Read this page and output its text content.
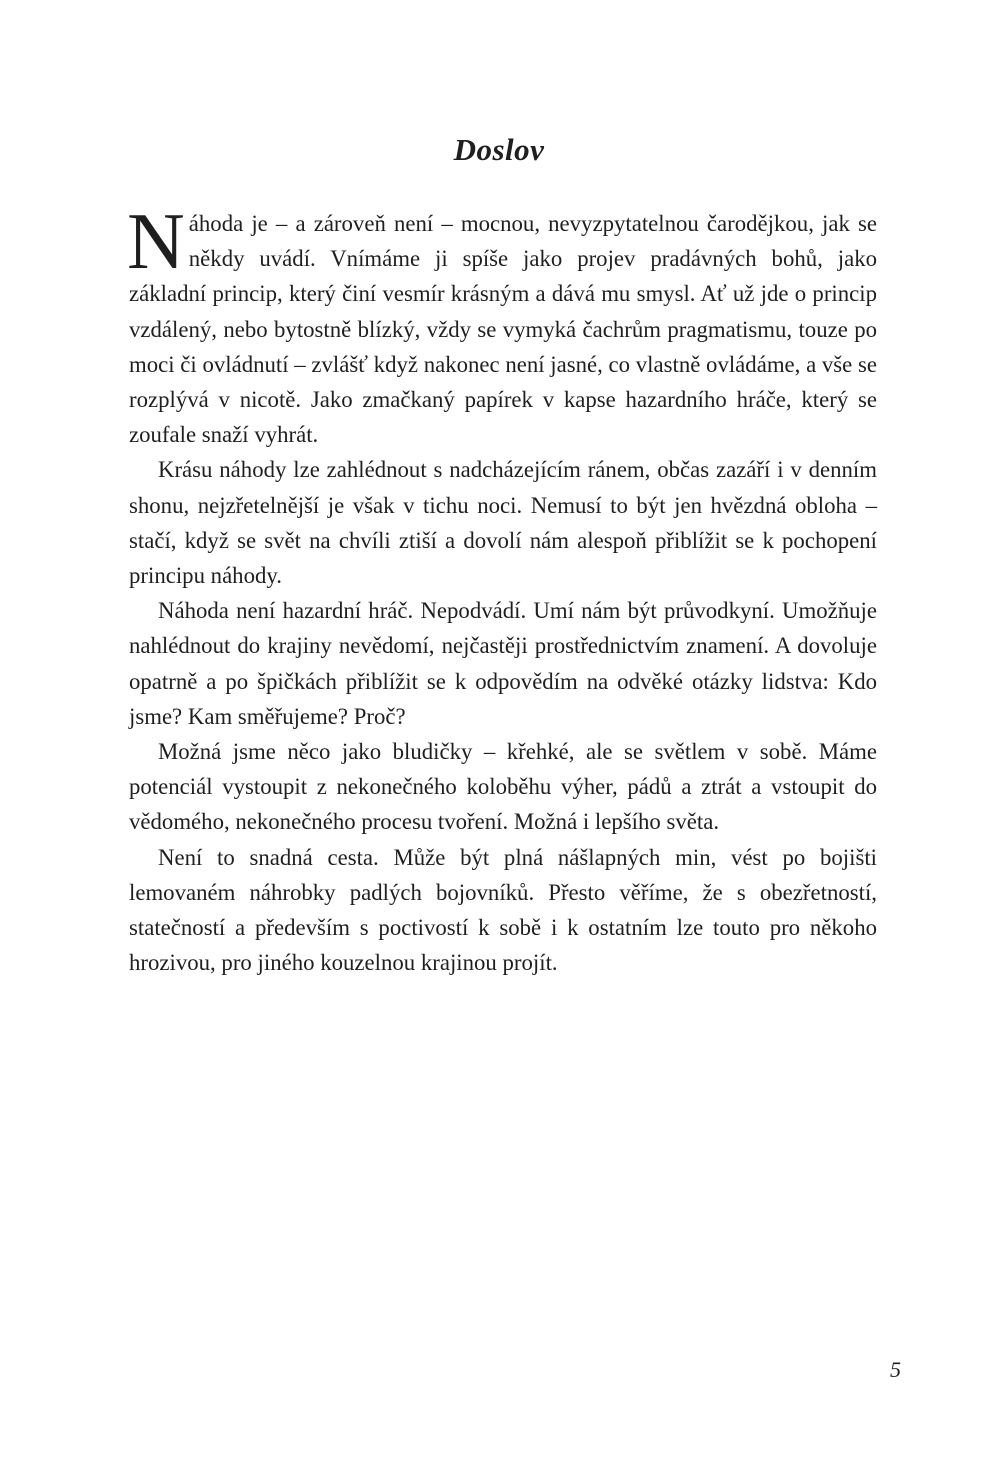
Doslov

Náhoda je – a zároveň není – mocnou, nevyzpytatelnou čarodějkou, jak se někdy uvádí. Vnímáme ji spíše jako projev pradávných bohů, jako základní princip, který činí vesmír krásným a dává mu smysl. Ať už jde o princip vzdálený, nebo bytostně blízký, vždy se vymyká čachrům pragmatismu, touze po moci či ovládnutí – zvlášť když nakonec není jasné, co vlastně ovládáme, a vše se rozplývá v nicotě. Jako zmačkaný papírek v kapse hazardního hráče, který se zoufale snaží vyhrát.

Krásu náhody lze zahlédnout s nadcházejícím ránem, občas zazáří i v denním shonu, nejzřetelnější je však v tichu noci. Nemusí to být jen hvězdná obloha – stačí, když se svět na chvíli ztiší a dovolí nám alespoň přiblížit se k pochopení principu náhody.

Náhoda není hazardní hráč. Nepodvádí. Umí nám být průvodkyní. Umožňuje nahlédnout do krajiny nevědomí, nejčastěji prostřednictvím znamení. A dovoluje opatrně a po špičkách přiblížit se k odpovědím na odvěké otázky lidstva: Kdo jsme? Kam směřujeme? Proč?

Možná jsme něco jako bludičky – křehké, ale se světlem v sobě. Máme potenciál vystoupit z nekonečného koloběhu výher, pádů a ztrát a vstoupit do vědomého, nekonečného procesu tvoření. Možná i lepšího světa.

Není to snadná cesta. Může být plná nášlapných min, vést po bojišti lemovaném náhrobky padlých bojovníků. Přesto věříme, že s obezřetností, statečností a především s poctivostí k sobě i k ostatním lze touto pro někoho hrozivou, pro jiného kouzelnou krajinou projít.

5
